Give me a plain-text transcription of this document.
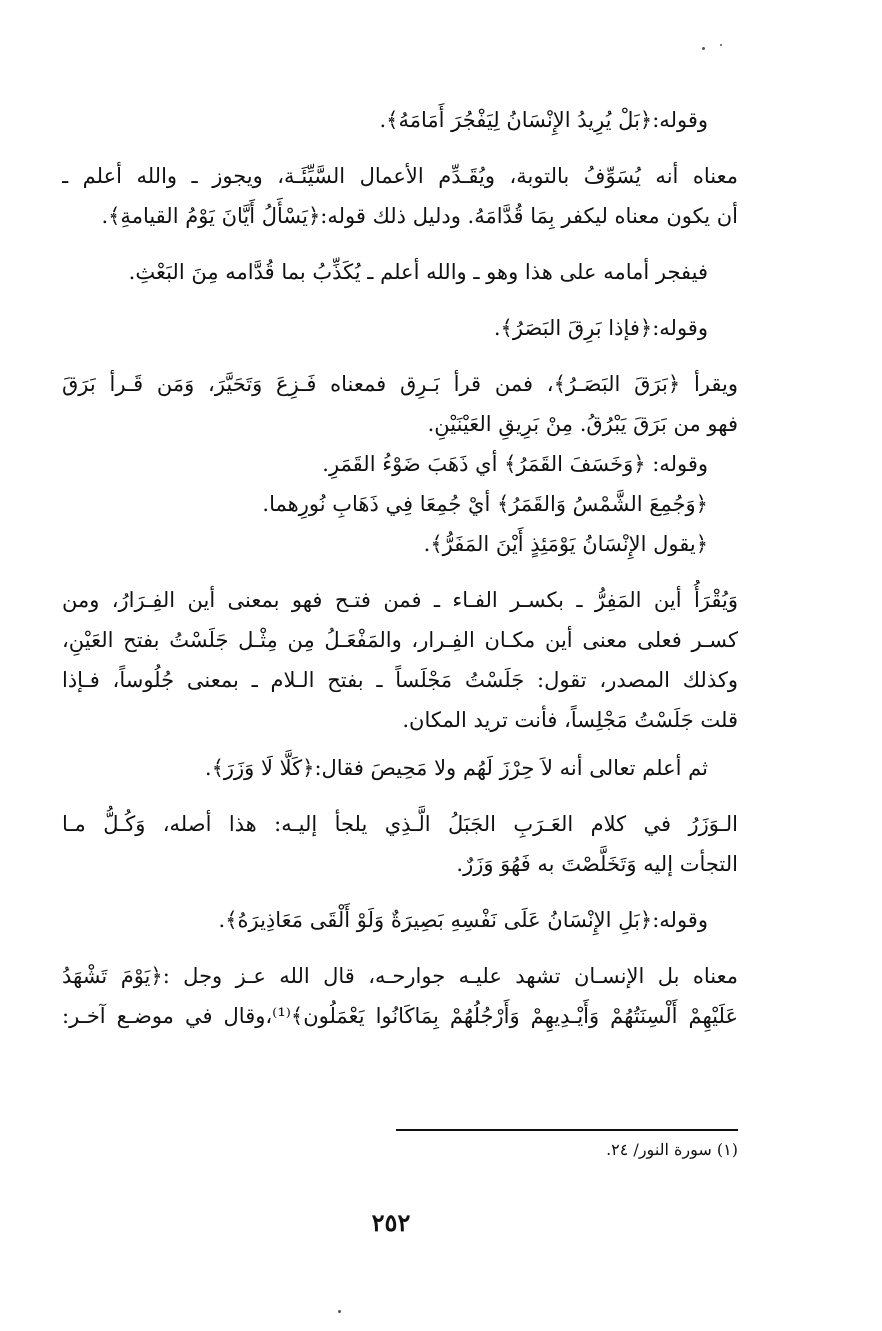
وقوله:﴿بَلْ يُرِيدُ الإِنْسَانُ لِيَفْجُرَ أَمَامَهُ﴾.
معناه أنه يُسَوِّفُ بالتوبة، ويُقَـدِّم الأعمال السَّيِّئَـة، ويجوز ـ والله أعلم ـ
أن يكون معناه ليكفر بِمَا قُدَّامَهُ. ودليل ذلك قوله:﴿يَسْأَلُ أَيَّانَ يَوْمُ القيامةِ﴾.
فيفجر أمامه على هذا وهو ـ والله أعلم ـ يُكَذِّبُ بما قُدَّامه مِنَ البَعْثِ.
وقوله:﴿فإذا بَرِقَ البَصَرُ﴾.
ويقرأ ﴿بَرَقَ البَصَـرُ﴾، فمن قرأ بَـرِق فمعناه فَـزِعَ وَتَحَيَّرَ، وَمَن قَـرأ بَرَقَ
فهو من بَرَقَ يَبْرُقُ. مِنْ بَرِيقِ العَيْنَيْنِ.
وقوله: ﴿وَخَسَفَ القَمَرُ﴾ أي ذَهَبَ ضَوْءُ القَمَرِ.
﴿وَجُمِعَ الشَّمْسُ وَالقَمَرُ﴾ أيْ جُمِعَا فِي ذَهَابِ نُورِهما.
﴿يقول الإِنْسَانُ يَوْمَئِذٍ أَيْنَ المَفَرُّ﴾.
وَيُقْرَأُ أين المَفِرُّ ـ بكسـر الفـاء ـ فمن فتـح فهو بمعنى أين الفِـرَارُ، ومن
كسـر فعلى معنى أين مكـان الفِـرار، والمَفْعَـلُ مِن مِثْـل جَلَسْتُ بفتح العَيْنِ،
وكذلك المصدر، تقول: جَلَسْتُ مَجْلَساً ـ بفتح الـلام ـ بمعنى جُلُوساً، فـإذا
قلت جَلَسْتُ مَجْلِساً، فأنت تريد المكان.
ثم أعلم تعالى أنه لاَ حِرْزَ لَهُم ولا مَحِيصَ فقال:﴿كَلَّا لَا وَزَرَ﴾.
الـوَزَرُ في كلام العَـرَبِ الجَبَلُ الَّـذِي يلجأ إليـه: هذا أصله، وَكُـلُّ مـا
التجأت إليه وَتَخَلَّصْتَ به فَهُوَ وَزَرٌ.
وقوله:﴿بَلِ الإِنْسَانُ عَلَى نَفْسِهِ بَصِيرَةٌ وَلَوْ أَلْقَى مَعَاذِيرَهُ﴾.
معناه بل الإنسـان تشهد عليـه جوارحـه، قال الله عـز وجل :﴿يَوْمَ تَشْهَدُ
عَلَيْهِمْ أَلْسِنَتُهُمْ وَأَيْـدِيهِمْ وَأَرْجُلُهُمْ بِمَاكَانُوا يَعْمَلُون﴾⁽¹⁾،وقال في موضـع آخـر:
(١) سورة النور/ ٢٤.
٢٥٢
